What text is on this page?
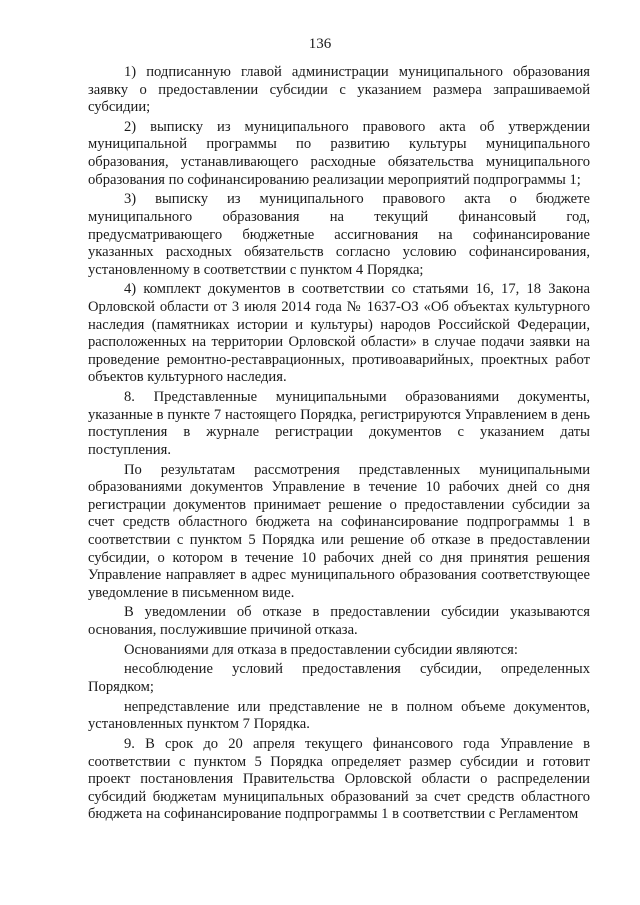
136

1) подписанную главой администрации муниципального образования заявку о предоставлении субсидии с указанием размера запрашиваемой субсидии;

2) выписку из муниципального правового акта об утверждении муниципальной программы по развитию культуры муниципального образования, устанавливающего расходные обязательства муниципального образования по софинансированию реализации мероприятий подпрограммы 1;

3) выписку из муниципального правового акта о бюджете муниципального образования на текущий финансовый год, предусматривающего бюджетные ассигнования на софинансирование указанных расходных обязательств согласно условию софинансирования, установленному в соответствии с пунктом 4 Порядка;

4) комплект документов в соответствии со статьями 16, 17, 18 Закона Орловской области от 3 июля 2014 года № 1637-ОЗ «Об объектах культурного наследия (памятниках истории и культуры) народов Российской Федерации, расположенных на территории Орловской области» в случае подачи заявки на проведение ремонтно-реставрационных, противоаварийных, проектных работ объектов культурного наследия.

8. Представленные муниципальными образованиями документы, указанные в пункте 7 настоящего Порядка, регистрируются Управлением в день поступления в журнале регистрации документов с указанием даты поступления.

По результатам рассмотрения представленных муниципальными образованиями документов Управление в течение 10 рабочих дней со дня регистрации документов принимает решение о предоставлении субсидии за счет средств областного бюджета на софинансирование подпрограммы 1 в соответствии с пунктом 5 Порядка или решение об отказе в предоставлении субсидии, о котором в течение 10 рабочих дней со дня принятия решения Управление направляет в адрес муниципального образования соответствующее уведомление в письменном виде.

В уведомлении об отказе в предоставлении субсидии указываются основания, послужившие причиной отказа.

Основаниями для отказа в предоставлении субсидии являются:

несоблюдение условий предоставления субсидии, определенных Порядком;

непредставление или представление не в полном объеме документов, установленных пунктом 7 Порядка.

9. В срок до 20 апреля текущего финансового года Управление в соответствии с пунктом 5 Порядка определяет размер субсидии и готовит проект постановления Правительства Орловской области о распределении субсидий бюджетам муниципальных образований за счет средств областного бюджета на софинансирование подпрограммы 1 в соответствии с Регламентом
